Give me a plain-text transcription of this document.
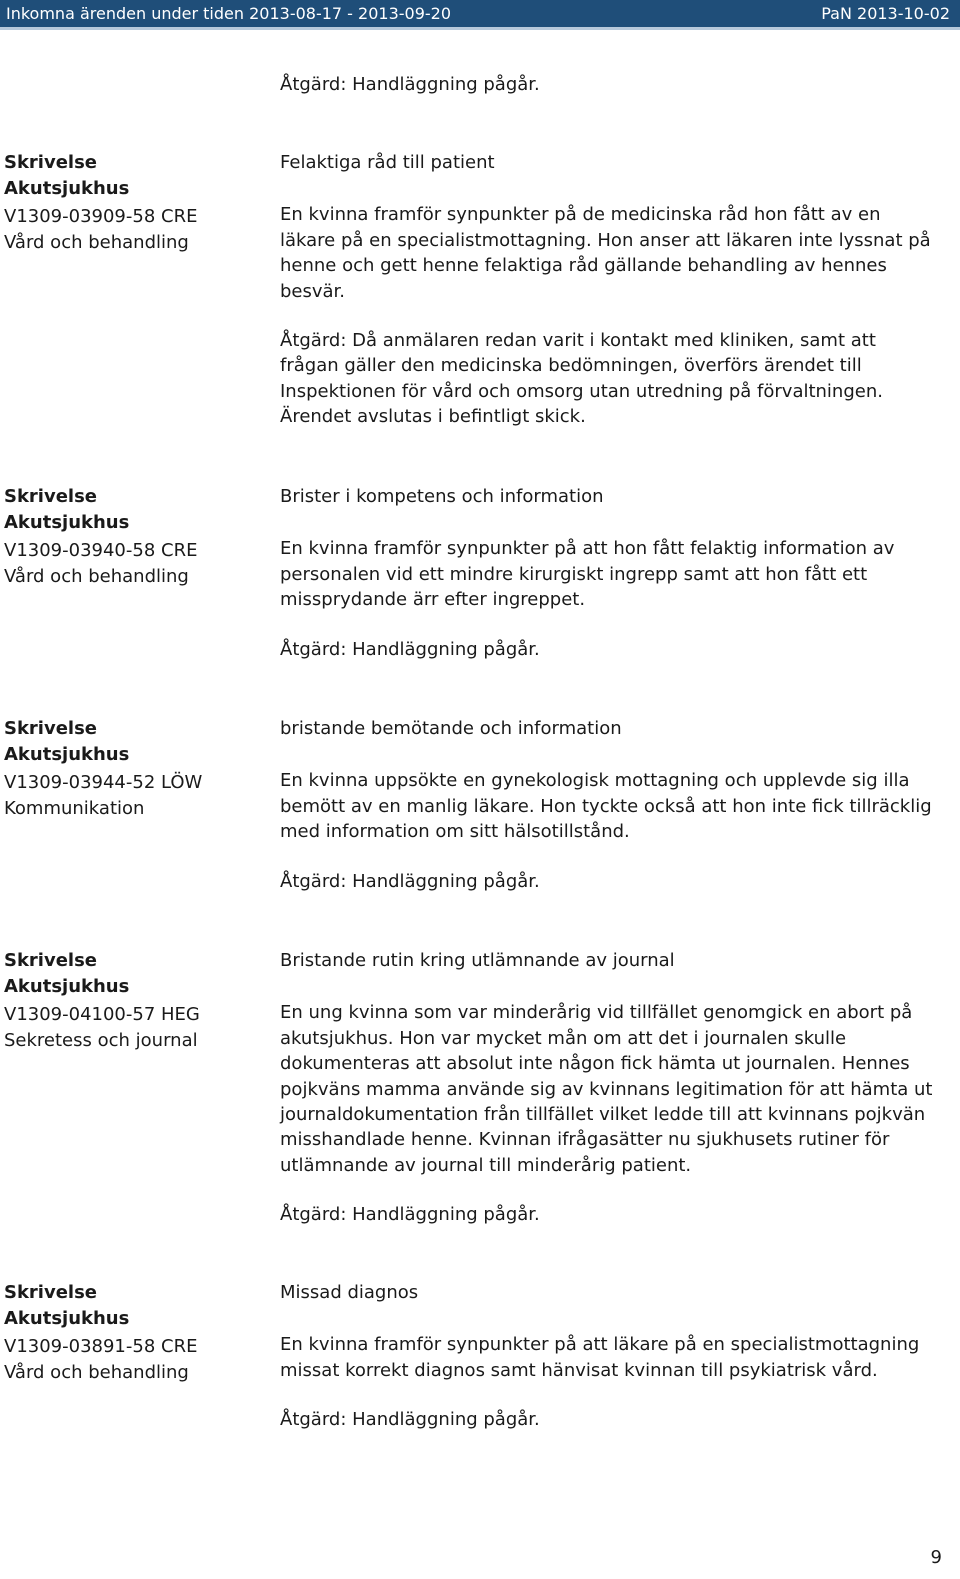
Inkomna ärenden under tiden 2013-08-17 - 2013-09-20	PaN 2013-10-02
Åtgärd: Handläggning pågår.
Skrivelse
Akutsjukhus
V1309-03909-58 CRE
Vård och behandling
Felaktiga råd till patient
En kvinna framför synpunkter på de medicinska råd hon fått av en läkare på en specialistmottagning. Hon anser att läkaren inte lyssnat på henne och gett henne felaktiga råd gällande behandling av hennes besvär.
Åtgärd: Då anmälaren redan varit i kontakt med kliniken, samt att frågan gäller den medicinska bedömningen, överförs ärendet till Inspektionen för vård och omsorg utan utredning på förvaltningen. Ärendet avslutas i befintligt skick.
Skrivelse
Akutsjukhus
V1309-03940-58 CRE
Vård och behandling
Brister i kompetens och information
En kvinna framför synpunkter på att hon fått felaktig information av personalen vid ett mindre kirurgiskt ingrepp samt att hon fått ett missprydande ärr efter ingreppet.
Åtgärd: Handläggning pågår.
Skrivelse
Akutsjukhus
V1309-03944-52 LÖW
Kommunikation
bristande bemötande och information
En kvinna uppsökte en gynekologisk mottagning och upplevde sig illa bemött av en manlig läkare. Hon tyckte också att hon inte fick tillräcklig med information om sitt hälsotillstånd.
Åtgärd: Handläggning pågår.
Skrivelse
Akutsjukhus
V1309-04100-57 HEG
Sekretess och journal
Bristande rutin kring utlämnande av journal
En ung kvinna som var minderårig vid tillfället genomgick en abort på akutsjukhus. Hon var mycket mån om att det i journalen skulle dokumenteras att absolut inte någon fick hämta ut journalen. Hennes pojkväns mamma använde sig av kvinnans legitimation för att hämta ut journaldokumentation från tillfället vilket ledde till att kvinnans pojkvän misshandlade henne. Kvinnan ifrågasätter nu sjukhusets rutiner för utlämnande av journal till minderårig patient.
Åtgärd: Handläggning pågår.
Skrivelse
Akutsjukhus
V1309-03891-58 CRE
Vård och behandling
Missad diagnos
En kvinna framför synpunkter på att läkare på en specialistmottagning missat korrekt diagnos samt hänvisat kvinnan till psykiatrisk vård.
Åtgärd: Handläggning pågår.
9
